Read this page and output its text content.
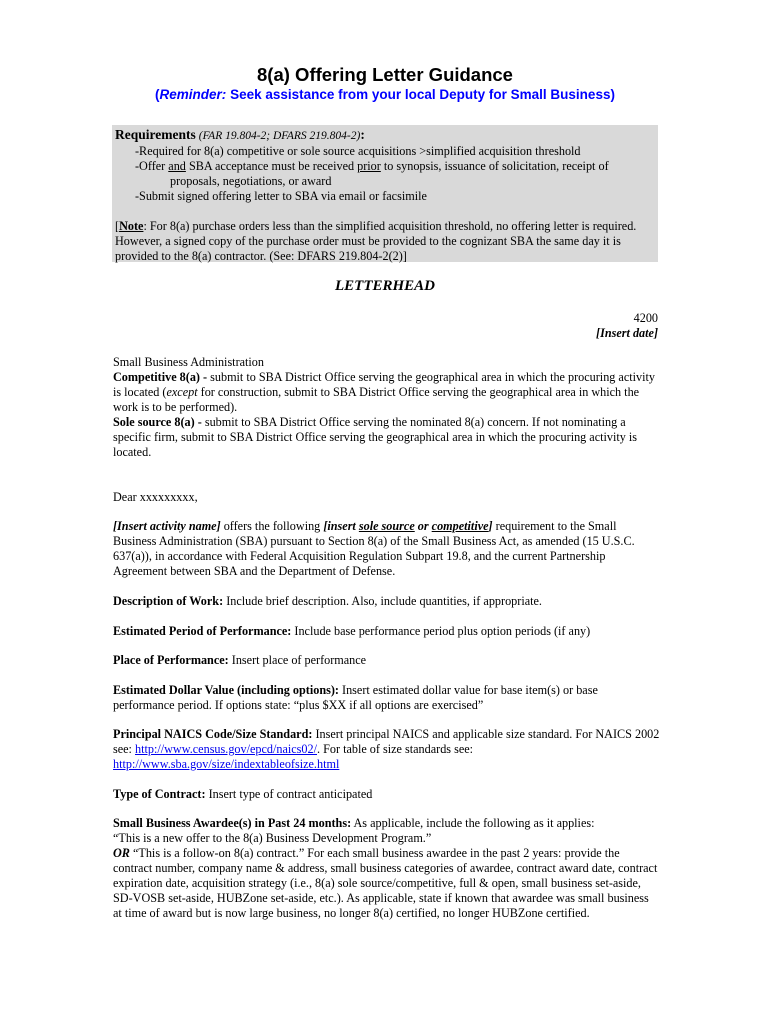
8(a) Offering Letter Guidance
(Reminder: Seek assistance from your local Deputy for Small Business)
Requirements (FAR 19.804-2; DFARS 219.804-2):
-Required for 8(a) competitive or sole source acquisitions >simplified acquisition threshold
-Offer and SBA acceptance must be received prior to synopsis, issuance of solicitation, receipt of
proposals, negotiations, or award
-Submit signed offering letter to SBA via email or facsimile
[Note: For 8(a) purchase orders less than the simplified acquisition threshold, no offering letter is required. However, a signed copy of the purchase order must be provided to the cognizant SBA the same day it is provided to the 8(a) contractor. (See: DFARS 219.804-2(2)]
LETTERHEAD
4200
[Insert date]
Small Business Administration
Competitive 8(a) - submit to SBA District Office serving the geographical area in which the procuring activity is located (except for construction, submit to SBA District Office serving the geographical area in which the work is to be performed).
Sole source 8(a) - submit to SBA District Office serving the nominated 8(a) concern. If not nominating a specific firm, submit to SBA District Office serving the geographical area in which the procuring activity is located.
Dear xxxxxxxxx,
[Insert activity name] offers the following [insert sole source or competitive] requirement to the Small Business Administration (SBA) pursuant to Section 8(a) of the Small Business Act, as amended (15 U.S.C. 637(a)), in accordance with Federal Acquisition Regulation Subpart 19.8, and the current Partnership Agreement between SBA and the Department of Defense.
Description of Work: Include brief description. Also, include quantities, if appropriate.
Estimated Period of Performance: Include base performance period plus option periods (if any)
Place of Performance: Insert place of performance
Estimated Dollar Value (including options): Insert estimated dollar value for base item(s) or base performance period. If options state: “plus $XX if all options are exercised”
Principal NAICS Code/Size Standard: Insert principal NAICS and applicable size standard. For NAICS 2002 see: http://www.census.gov/epcd/naics02/. For table of size standards see:
http://www.sba.gov/size/indextableofsize.html
Type of Contract: Insert type of contract anticipated
Small Business Awardee(s) in Past 24 months: As applicable, include the following as it applies:
“This is a new offer to the 8(a) Business Development Program.”
OR “This is a follow-on 8(a) contract.” For each small business awardee in the past 2 years: provide the contract number, company name & address, small business categories of awardee, contract award date, contract expiration date, acquisition strategy (i.e., 8(a) sole source/competitive, full & open, small business set-aside, SD-VOSB set-aside, HUBZone set-aside, etc.). As applicable, state if known that awardee was small business at time of award but is now large business, no longer 8(a) certified, no longer HUBZone certified.
